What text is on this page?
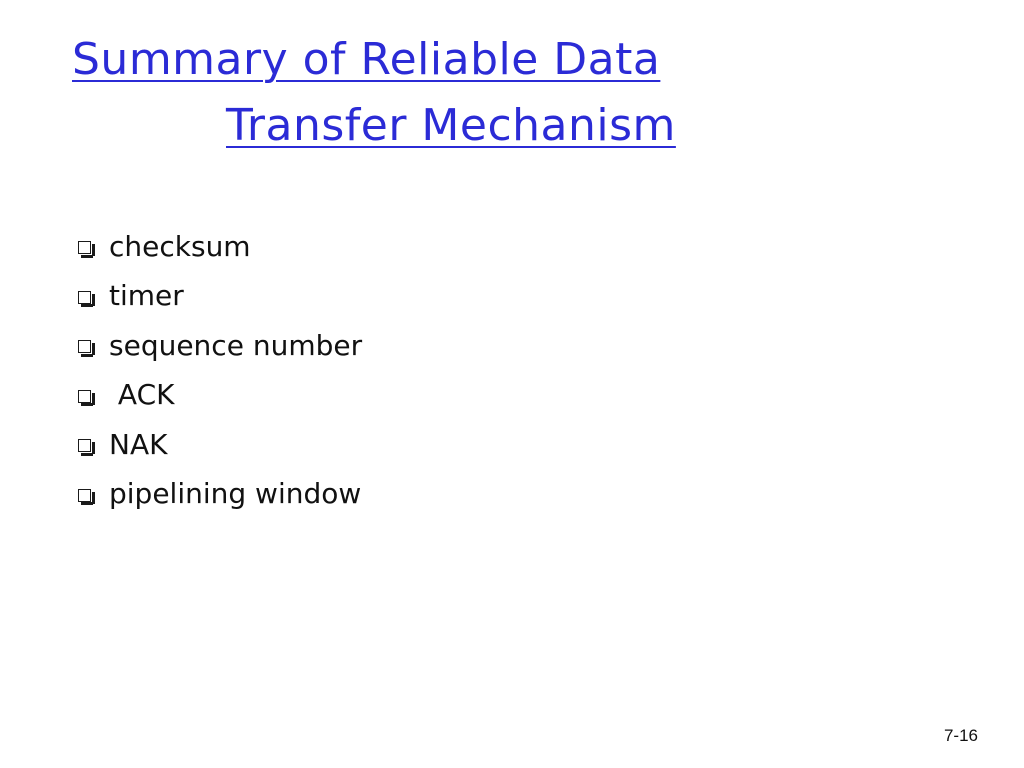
Summary of Reliable Data
Transfer Mechanism
checksum
timer
sequence number
ACK
NAK
pipelining window
7-16
